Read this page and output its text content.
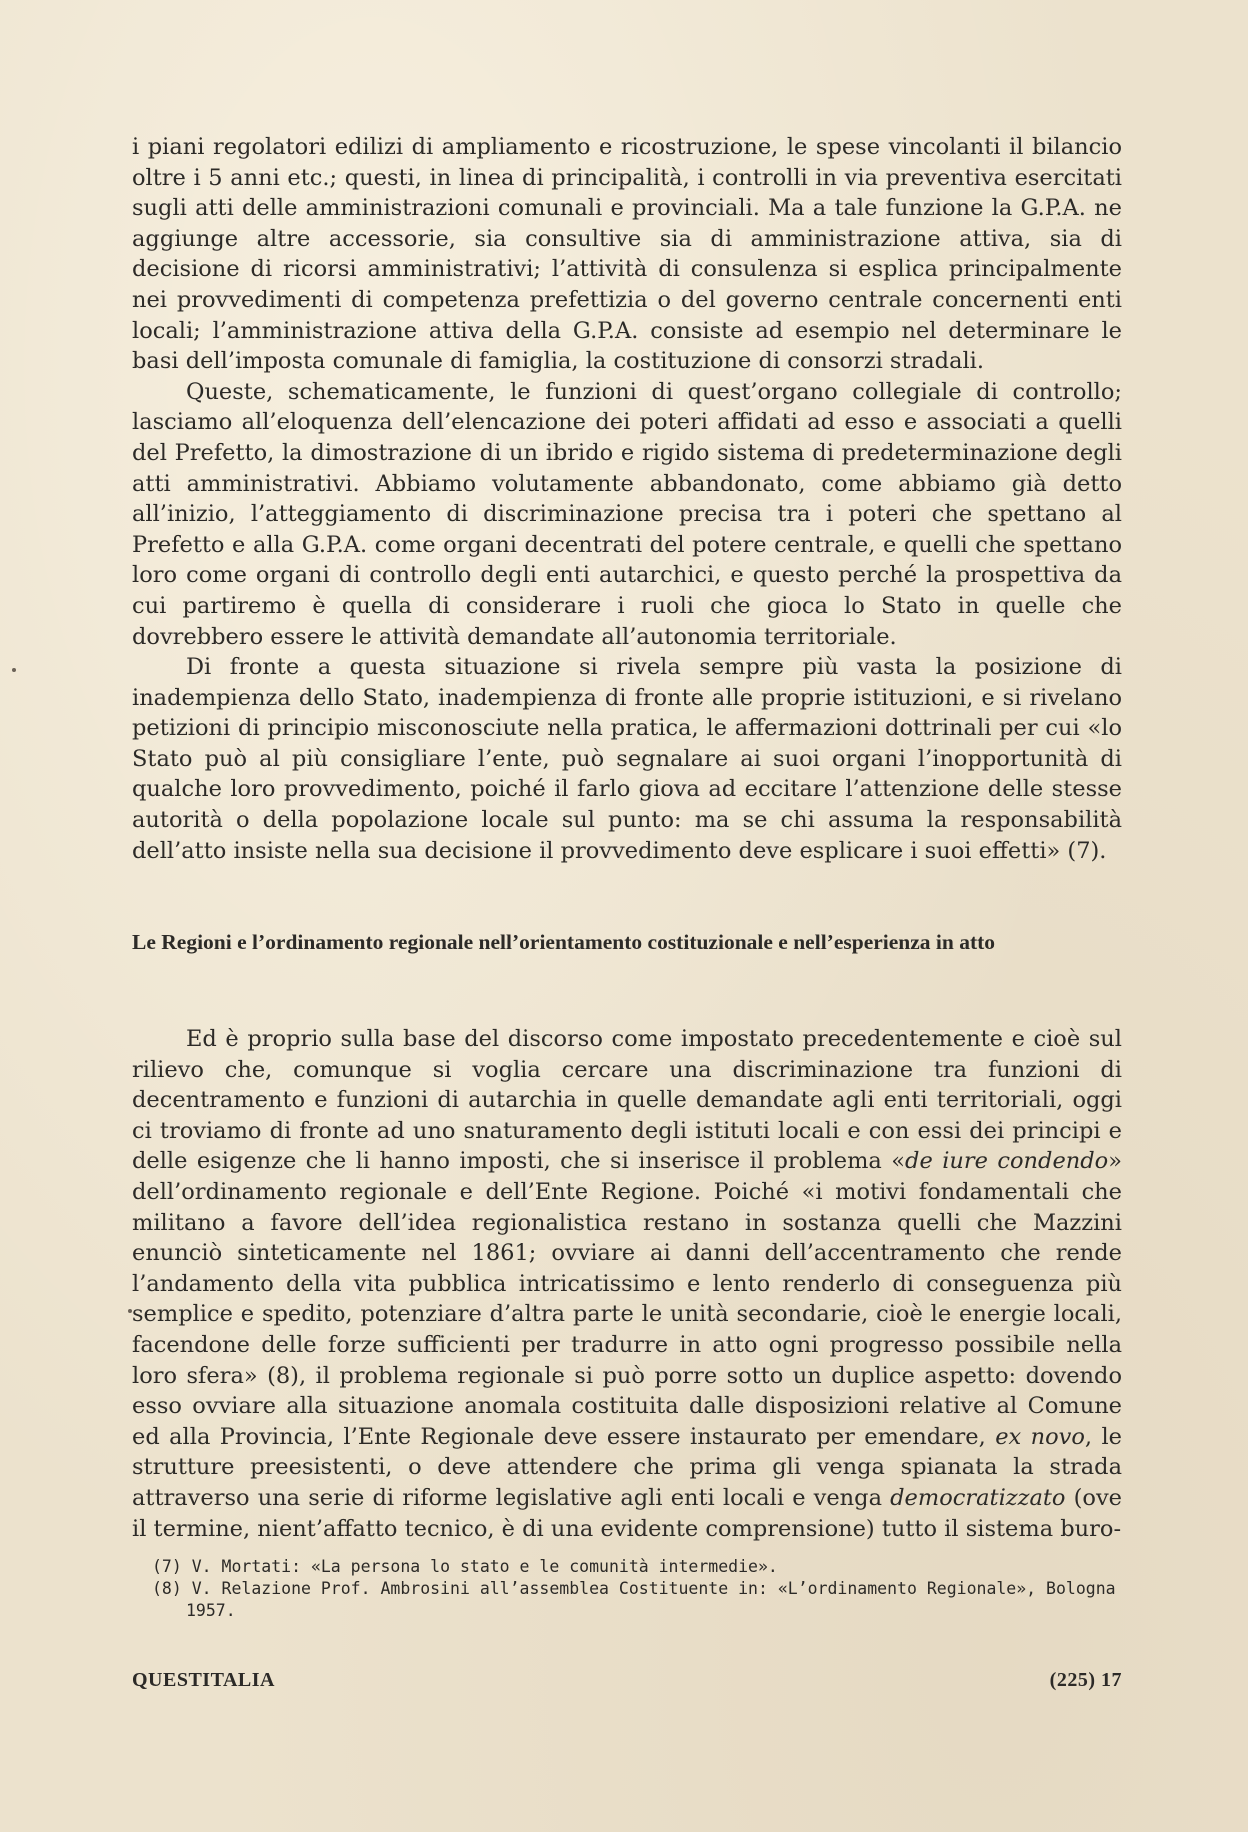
i piani regolatori edilizi di ampliamento e ricostruzione, le spese vincolanti il bilancio oltre i 5 anni etc.; questi, in linea di principalità, i controlli in via preventiva esercitati sugli atti delle amministrazioni comunali e provinciali. Ma a tale funzione la G.P.A. ne aggiunge altre accessorie, sia consultive sia di amministrazione attiva, sia di decisione di ricorsi amministrativi; l’attività di consulenza si esplica principalmente nei provvedimenti di competenza prefettizia o del governo centrale concernenti enti locali; l’amministrazione attiva della G.P.A. consiste ad esempio nel determinare le basi dell’imposta comunale di famiglia, la costituzione di consorzi stradali.

Queste, schematicamente, le funzioni di quest’organo collegiale di controllo; lasciamo all’eloquenza dell’elencazione dei poteri affidati ad esso e associati a quelli del Prefetto, la dimostrazione di un ibrido e rigido sistema di predeterminazione degli atti amministrativi. Abbiamo volutamente abbandonato, come abbiamo già detto all’inizio, l’atteggiamento di discriminazione precisa tra i poteri che spettano al Prefetto e alla G.P.A. come organi decentrati del potere centrale, e quelli che spettano loro come organi di controllo degli enti autarchici, e questo perché la prospettiva da cui partiremo è quella di considerare i ruoli che gioca lo Stato in quelle che dovrebbero essere le attività demandate all’autonomia territoriale.

Di fronte a questa situazione si rivela sempre più vasta la posizione di inadempienza dello Stato, inadempienza di fronte alle proprie istituzioni, e si rivelano petizioni di principio misconosciute nella pratica, le affermazioni dottrinali per cui «lo Stato può al più consigliare l’ente, può segnalare ai suoi organi l’inopportunità di qualche loro provvedimento, poiché il farlo giova ad eccitare l’attenzione delle stesse autorità o della popolazione locale sul punto: ma se chi assuma la responsabilità dell’atto insiste nella sua decisione il provvedimento deve esplicare i suoi effetti» (7).

Le Regioni e l’ordinamento regionale nell’orientamento costituzionale e nell’esperienza in atto

Ed è proprio sulla base del discorso come impostato precedentemente e cioè sul rilievo che, comunque si voglia cercare una discriminazione tra funzioni di decentramento e funzioni di autarchia in quelle demandate agli enti territoriali, oggi ci troviamo di fronte ad uno snaturamento degli istituti locali e con essi dei principi e delle esigenze che li hanno imposti, che si inserisce il problema «de iure condendo» dell’ordinamento regionale e dell’Ente Regione. Poiché «i motivi fondamentali che militano a favore dell’idea regionalistica restano in sostanza quelli che Mazzini enunciò sinteticamente nel 1861; ovviare ai danni dell’accentramento che rende l’andamento della vita pubblica intricatissimo e lento renderlo di conseguenza più semplice e spedito, potenziare d’altra parte le unità secondarie, cioè le energie locali, facendone delle forze sufficienti per tradurre in atto ogni progresso possibile nella loro sfera» (8), il problema regionale si può porre sotto un duplice aspetto: dovendo esso ovviare alla situazione anomala costituita dalle disposizioni relative al Comune ed alla Provincia, l’Ente Regionale deve essere instaurato per emendare, ex novo, le strutture preesistenti, o deve attendere che prima gli venga spianata la strada attraverso una serie di riforme legislative agli enti locali e venga democratizzato (ove il termine, nient’affatto tecnico, è di una evidente comprensione) tutto il sistema buro-

(7) V. Mortati: «La persona lo stato e le comunità intermedie».

(8) V. Relazione Prof. Ambrosini all’assemblea Costituente in: «L’ordinamento Regionale», Bologna 1957.

QUESTITALIA	(225) 17
